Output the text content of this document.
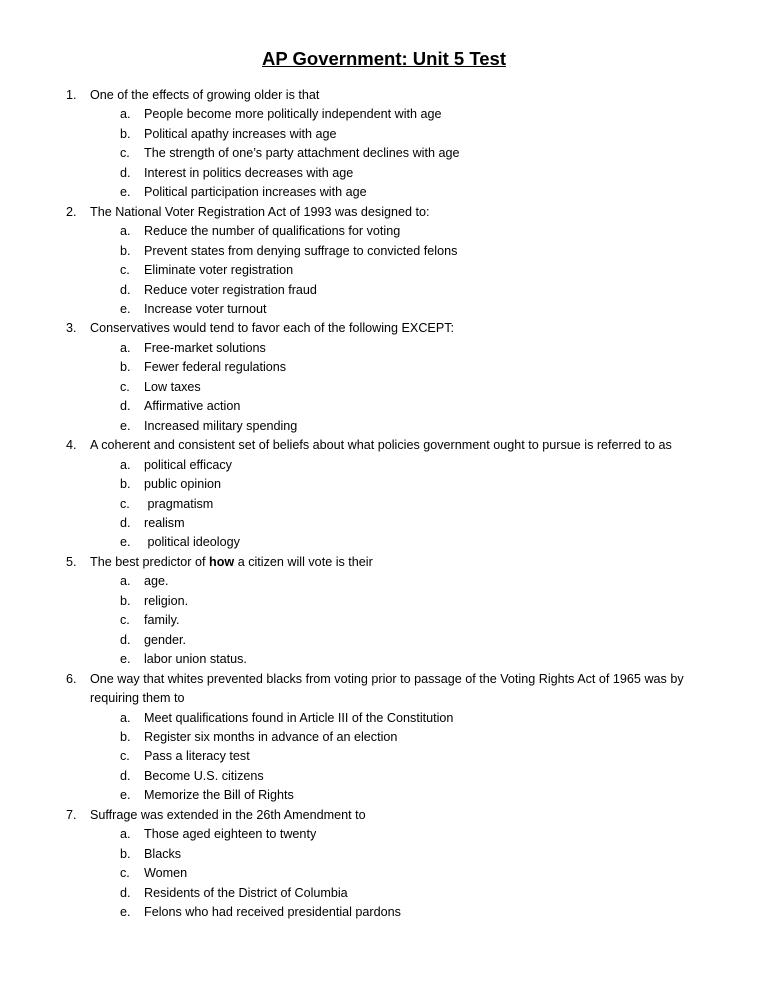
AP Government: Unit 5 Test
1.	One of the effects of growing older is that
a.	People become more politically independent with age
b.	Political apathy increases with age
c.	The strength of one’s party attachment declines with age
d.	Interest in politics decreases with age
e.	Political participation increases with age
2.	The National Voter Registration Act of 1993 was designed to:
a.	Reduce the number of qualifications for voting
b.	Prevent states from denying suffrage to convicted felons
c.	Eliminate voter registration
d.	Reduce voter registration fraud
e.	Increase voter turnout
3.	Conservatives would tend to favor each of the following EXCEPT:
a.	Free-market solutions
b.	Fewer federal regulations
c.	Low taxes
d.	Affirmative action
e.	Increased military spending
4.	A coherent and consistent set of beliefs about what policies government ought to pursue is referred to as
a.	political efficacy
b.	public opinion
c.	pragmatism
d.	realism
e.	political ideology
5.	The best predictor of how a citizen will vote is their
a.	age.
b.	religion.
c.	family.
d.	gender.
e.	labor union status.
6.	One way that whites prevented blacks from voting prior to passage of the Voting Rights Act of 1965 was by requiring them to
a.	Meet qualifications found in Article III of the Constitution
b.	Register six months in advance of an election
c.	Pass a literacy test
d.	Become U.S. citizens
e.	Memorize the Bill of Rights
7.	Suffrage was extended in the 26th Amendment to
a.	Those aged eighteen to twenty
b.	Blacks
c.	Women
d.	Residents of the District of Columbia
e.	Felons who had received presidential pardons
